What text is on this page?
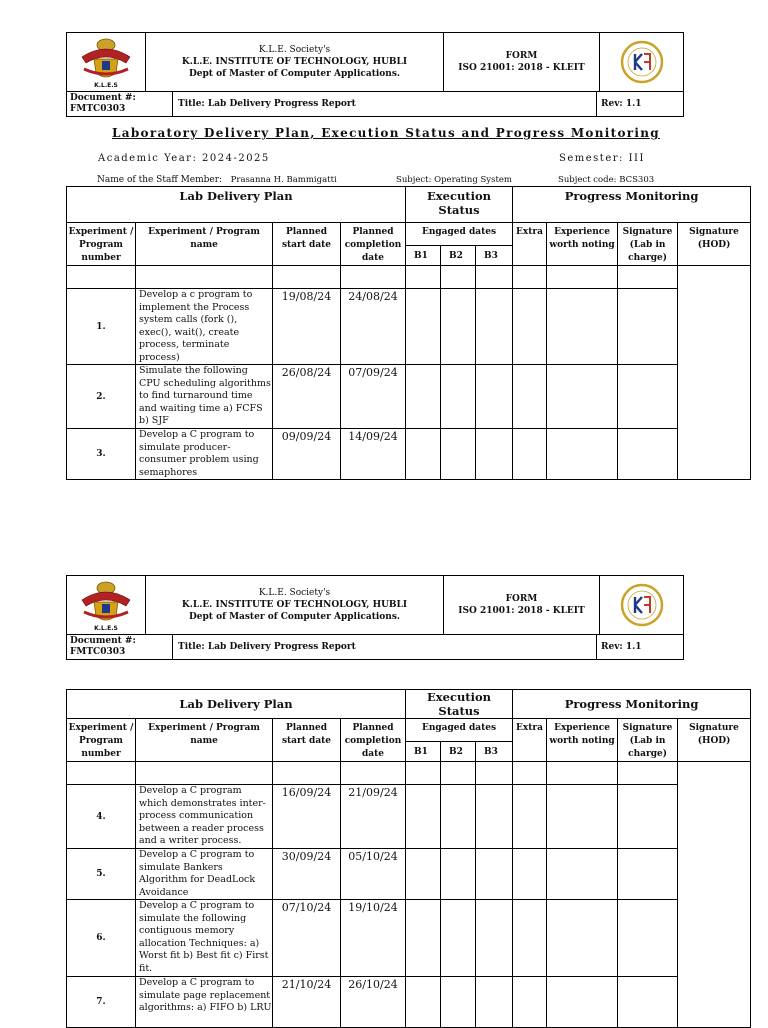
K.L.E.S
K.L.E. Society's
K.L.E. INSTITUTE OF TECHNOLOGY, HUBLI
Dept of Master of Computer Applications.
FORM
ISO 21001: 2018 - KLEIT
Document #:
FMTC0303	Title: Lab Delivery Progress Report	Rev: 1.1
Laboratory Delivery Plan, Execution Status and Progress Monitoring
Academic Year: 2024-2025	Semester: III
Name of the Staff Member: Prasanna H. Bammigatti	Subject: Operating System	Subject code: BCS303
Lab Delivery Plan				Execution Status			Progress Monitoring			
Experiment / Program number	Experiment / Program name	Planned start date	Planned completion date	Engaged dates			Extra	Experience worth noting	Signature (Lab in charge)	Signature (HOD)
				B1	B2	B3				

1.	Develop a c program to implement the Process system calls (fork (), exec(), wait(), create process, terminate process)	19/08/24	24/08/24							
2.	Simulate the following CPU scheduling algorithms to find turnaround time and waiting time a) FCFS b) SJF	26/08/24	07/09/24							
3.	Develop a C program to simulate producer-consumer problem using semaphores	09/09/24	14/09/24							
K.L.E.S
K.L.E. Society's
K.L.E. INSTITUTE OF TECHNOLOGY, HUBLI
Dept of Master of Computer Applications.
FORM
ISO 21001: 2018 - KLEIT
Document #:
FMTC0303	Title: Lab Delivery Progress Report	Rev: 1.1
Lab Delivery Plan				Execution Status			Progress Monitoring			
Experiment / Program number	Experiment / Program name	Planned start date	Planned completion date	Engaged dates			Extra	Experience worth noting	Signature (Lab in charge)	Signature (HOD)
				B1	B2	B3				

4.	Develop a C program which demonstrates inter-process communication between a reader process and a writer process.	16/09/24	21/09/24							
5.	Develop a C program to simulate Bankers Algorithm for DeadLock Avoidance	30/09/24	05/10/24							
6.	Develop a C program to simulate the following contiguous memory allocation Techniques: a) Worst fit b) Best fit c) First fit.	07/10/24	19/10/24							
7.	Develop a C program to simulate page replacement algorithms: a) FIFO b) LRU	21/10/24	26/10/24							
